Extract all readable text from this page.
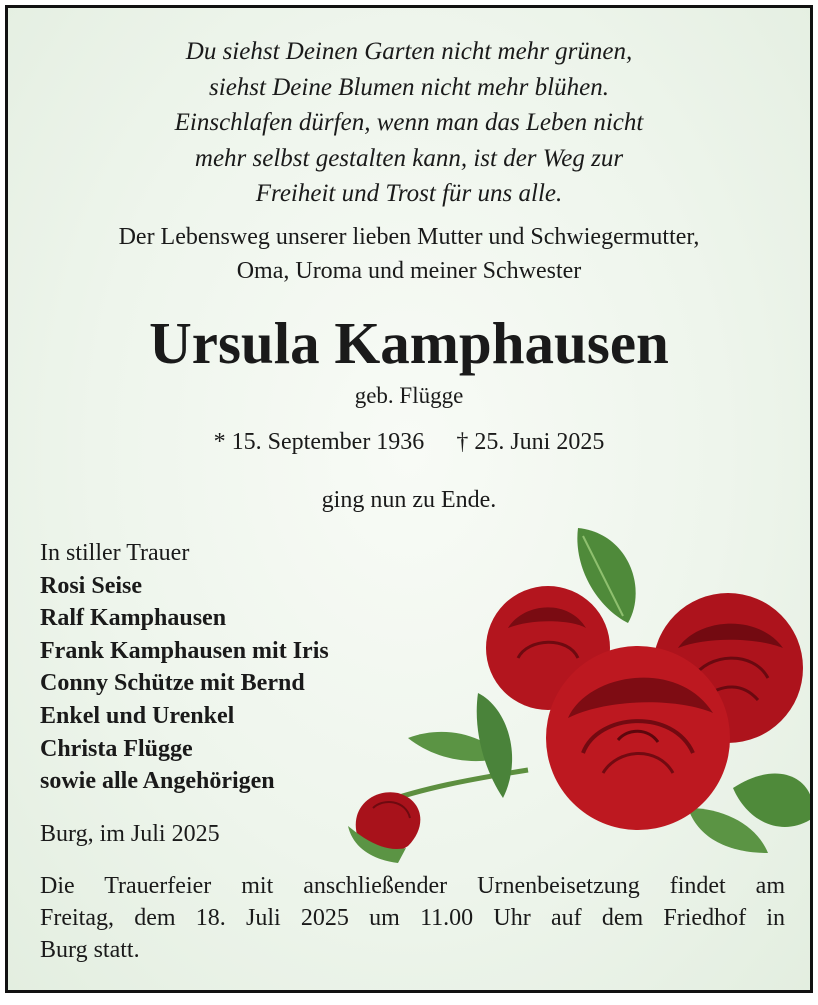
Du siehst Deinen Garten nicht mehr grünen,
siehst Deine Blumen nicht mehr blühen.
Einschlafen dürfen, wenn man das Leben nicht
mehr selbst gestalten kann, ist der Weg zur
Freiheit und Trost für uns alle.
Der Lebensweg unserer lieben Mutter und Schwiegermutter,
Oma, Uroma und meiner Schwester
Ursula Kamphausen
geb. Flügge
* 15. September 1936 † 25. Juni 2025
ging nun zu Ende.
In stiller Trauer
Rosi Seise
Ralf Kamphausen
Frank Kamphausen mit Iris
Conny Schütze mit Bernd
Enkel und Urenkel
Christa Flügge
sowie alle Angehörigen
Burg, im Juli 2025
Die Trauerfeier mit anschließender Urnenbeisetzung findet am
Freitag, dem 18. Juli 2025 um 11.00 Uhr auf dem Friedhof in
Burg statt.
